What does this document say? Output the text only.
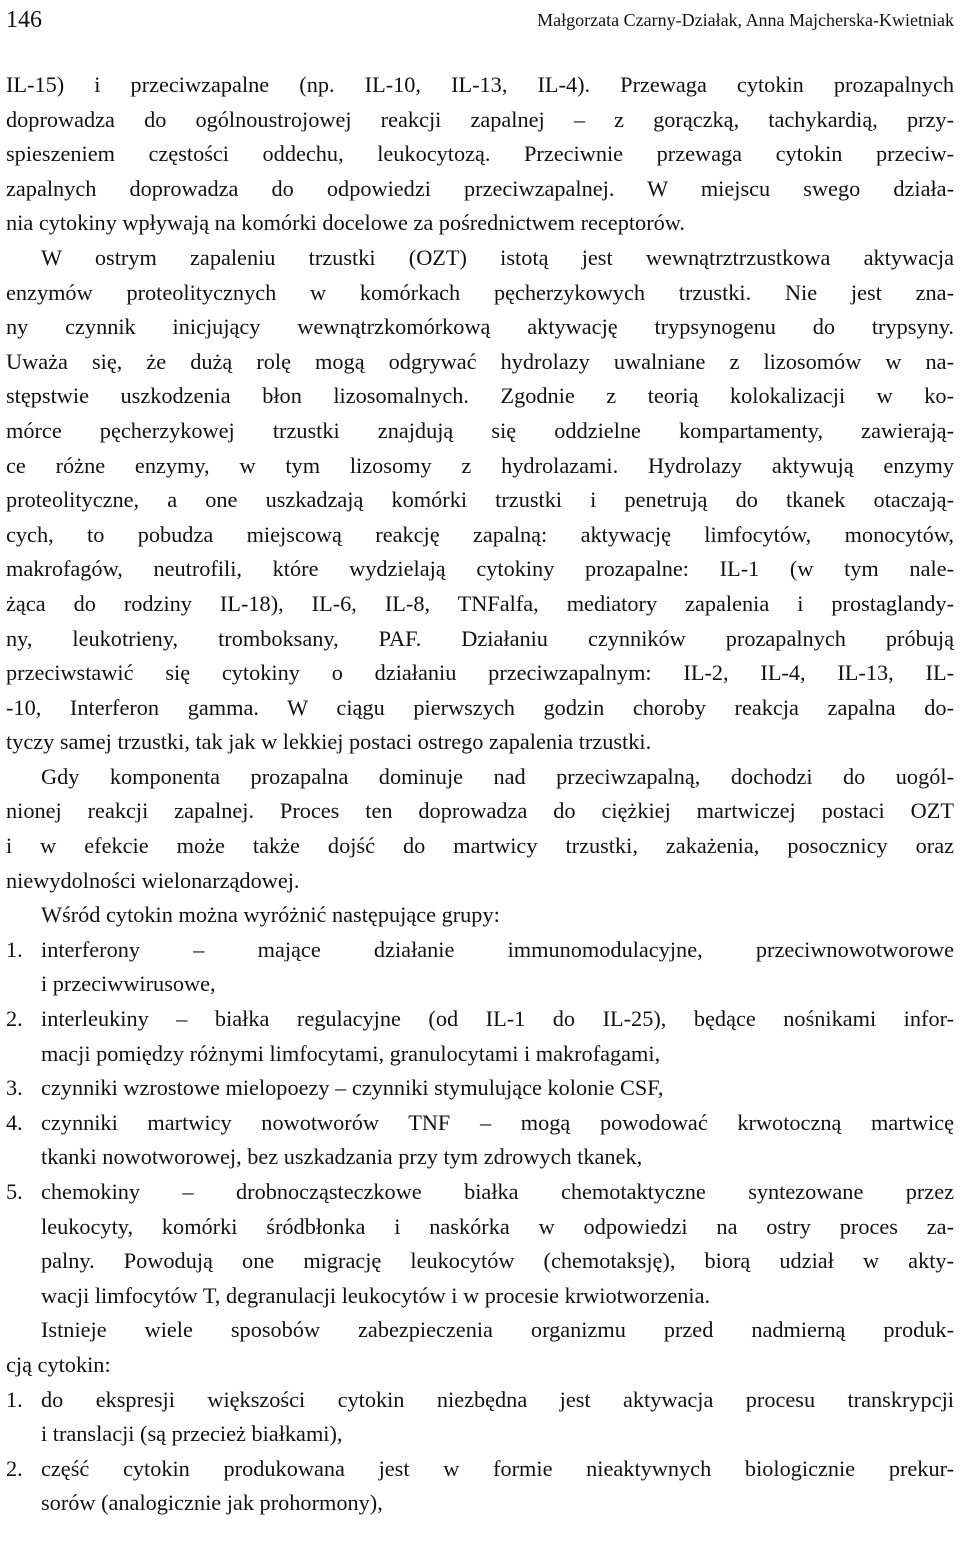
146	Małgorzata Czarny-Działak, Anna Majcherska-Kwietniak
IL-15) i przeciwzapalne (np. IL-10, IL-13, IL-4). Przewaga cytokin prozapalnych
doprowadza do ogólnoustrojowej reakcji zapalnej – z gorączką, tachykardią, przy-
spieszeniem częstości oddechu, leukocytozą. Przeciwnie przewaga cytokin przeciw-
zapalnych doprowadza do odpowiedzi przeciwzapalnej. W miejscu swego działa-
nia cytokiny wpływają na komórki docelowe za pośrednictwem receptorów.
W ostrym zapaleniu trzustki (OZT) istotą jest wewnątrztrzustkowa aktywacja
enzymów proteolitycznych w komórkach pęcherzykowych trzustki. Nie jest zna-
ny czynnik inicjujący wewnątrzkomórkową aktywację trypsynogenu do trypsyny.
Uważa się, że dużą rolę mogą odgrywać hydrolazy uwalniane z lizosomów w na-
stępstwie uszkodzenia błon lizosomalnych. Zgodnie z teorią kolokalizacji w ko-
mórce pęcherzykowej trzustki znajdują się oddzielne kompartamenty, zawierają-
ce różne enzymy, w tym lizosomy z hydrolazami. Hydrolazy aktywują enzymy
proteolityczne, a one uszkadzają komórki trzustki i penetrują do tkanek otaczają-
cych, to pobudza miejscową reakcję zapalną: aktywację limfocytów, monocytów,
makrofagów, neutrofili, które wydzielają cytokiny prozapalne: IL-1 (w tym nale-
żąca do rodziny IL-18), IL-6, IL-8, TNFalfa, mediatory zapalenia i prostaglandy-
ny, leukotrieny, tromboksany, PAF. Działaniu czynników prozapalnych próbują
przeciwstawić się cytokiny o działaniu przeciwzapalnym: IL-2, IL-4, IL-13, IL-
-10, Interferon gamma. W ciągu pierwszych godzin choroby reakcja zapalna do-
tyczy samej trzustki, tak jak w lekkiej postaci ostrego zapalenia trzustki.
Gdy komponenta prozapalna dominuje nad przeciwzapalną, dochodzi do uogól-
nionej reakcji zapalnej. Proces ten doprowadza do ciężkiej martwiczej postaci OZT
i w efekcie może także dojść do martwicy trzustki, zakażenia, posocznicy oraz
niewydolności wielonarządowej.
Wśród cytokin można wyróżnić następujące grupy:
1. interferony – mające działanie immunomodulacyjne, przeciwnowotworowe
i przeciwwirusowe,
2. interleukiny – białka regulacyjne (od IL-1 do IL-25), będące nośnikami infor-
macji pomiędzy różnymi limfocytami, granulocytami i makrofagami,
3. czynniki wzrostowe mielopoezy – czynniki stymulujące kolonie CSF,
4. czynniki martwicy nowotworów TNF – mogą powodować krwotoczną martwicę
tkanki nowotworowej, bez uszkadzania przy tym zdrowych tkanek,
5. chemokiny – drobnocząsteczkowe białka chemotaktyczne syntezowane przez
leukocyty, komórki śródbłonka i naskórka w odpowiedzi na ostry proces za-
palny. Powodują one migrację leukocytów (chemotaksję), biorą udział w akty-
wacji limfocytów T, degranulacji leukocytów i w procesie krwiotworzenia.
Istnieje wiele sposobów zabezpieczenia organizmu przed nadmierną produk-
cją cytokin:
1. do ekspresji większości cytokin niezbędna jest aktywacja procesu transkrypcji
i translacji (są przecież białkami),
2. część cytokin produkowana jest w formie nieaktywnych biologicznie prekur-
sorów (analogicznie jak prohormony),
